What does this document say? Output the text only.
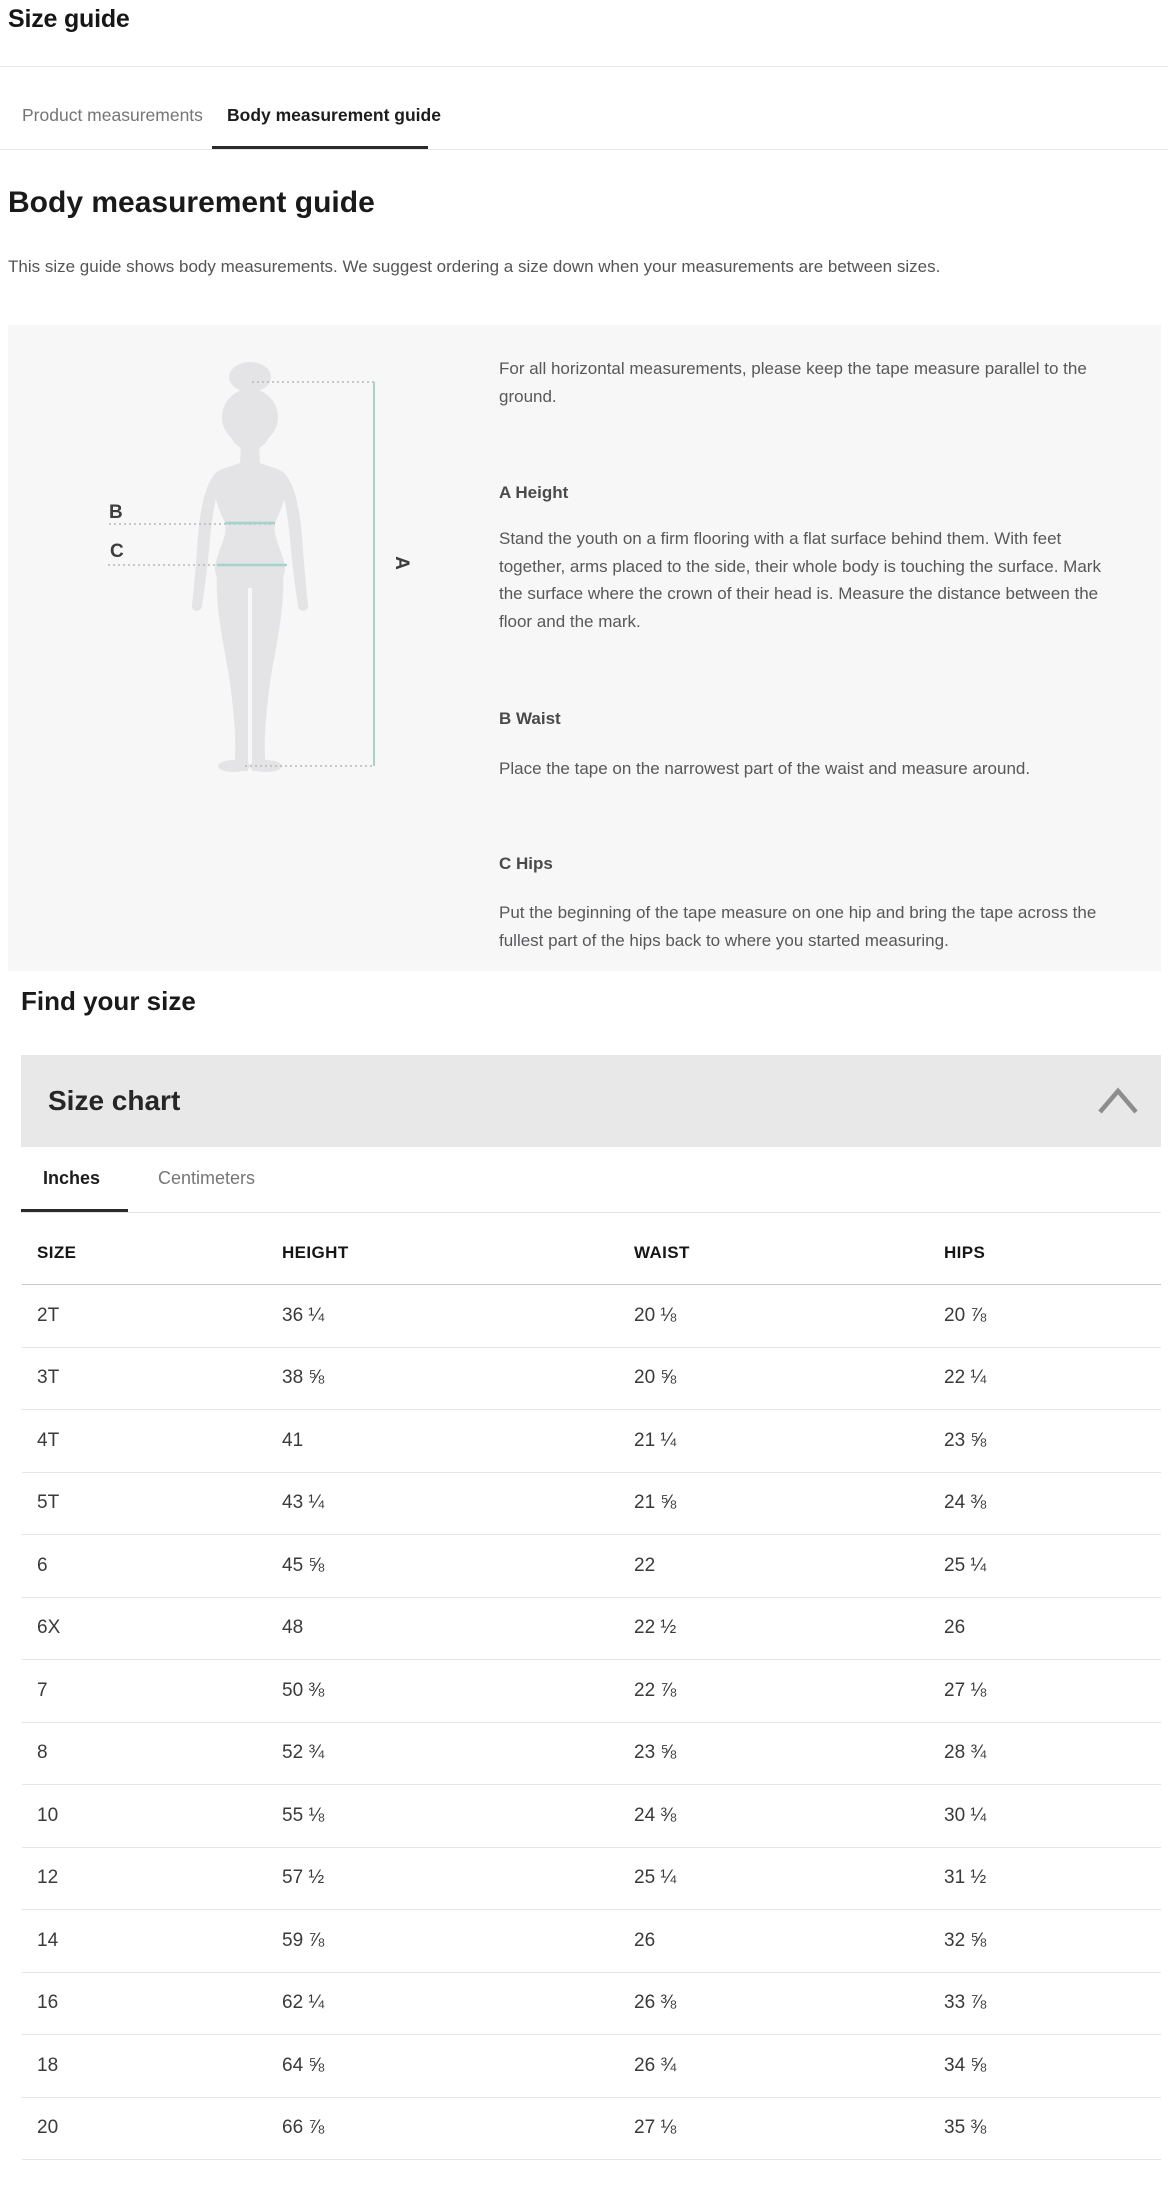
Size guide
Product measurements Body measurement guide
Body measurement guide
This size guide shows body measurements. We suggest ordering a size down when your measurements are between sizes.
B
C
A
For all horizontal measurements, please keep the tape measure parallel to the ground.
A Height
Stand the youth on a firm flooring with a flat surface behind them. With feet together, arms placed to the side, their whole body is touching the surface. Mark the surface where the crown of their head is. Measure the distance between the floor and the mark.
B Waist
Place the tape on the narrowest part of the waist and measure around.
C Hips
Put the beginning of the tape measure on one hip and bring the tape across the fullest part of the hips back to where you started measuring.
Find your size
Size chart
Inches	Centimeters
SIZE	HEIGHT	WAIST	HIPS
2T	36 ¼	20 ⅛	20 ⅞
3T	38 ⅝	20 ⅝	22 ¼
4T	41	21 ¼	23 ⅝
5T	43 ¼	21 ⅝	24 ⅜
6	45 ⅝	22	25 ¼
6X	48	22 ½	26
7	50 ⅜	22 ⅞	27 ⅛
8	52 ¾	23 ⅝	28 ¾
10	55 ⅛	24 ⅜	30 ¼
12	57 ½	25 ¼	31 ½
14	59 ⅞	26	32 ⅝
16	62 ¼	26 ⅜	33 ⅞
18	64 ⅝	26 ¾	34 ⅝
20	66 ⅞	27 ⅛	35 ⅜
